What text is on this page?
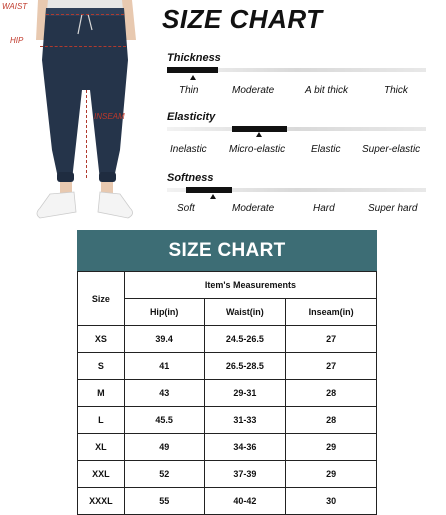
WAIST
HIP
INSEAM
SIZE CHART
Thickness
Thin	Moderate	A bit thick	Thick
Elasticity
Inelastic Micro-elastic	Elastic Super-elastic
Softness
Soft	Moderate	Hard	Super hard
SIZE CHART
Size	Item's Measurements		
	Hip(in)	Waist(in)	Inseam(in)
XS	39.4	24.5-26.5	27
S	41	26.5-28.5	27
M	43	29-31	28
L	45.5	31-33	28
XL	49	34-36	29
XXL	52	37-39	29
XXXL	55	40-42	30
